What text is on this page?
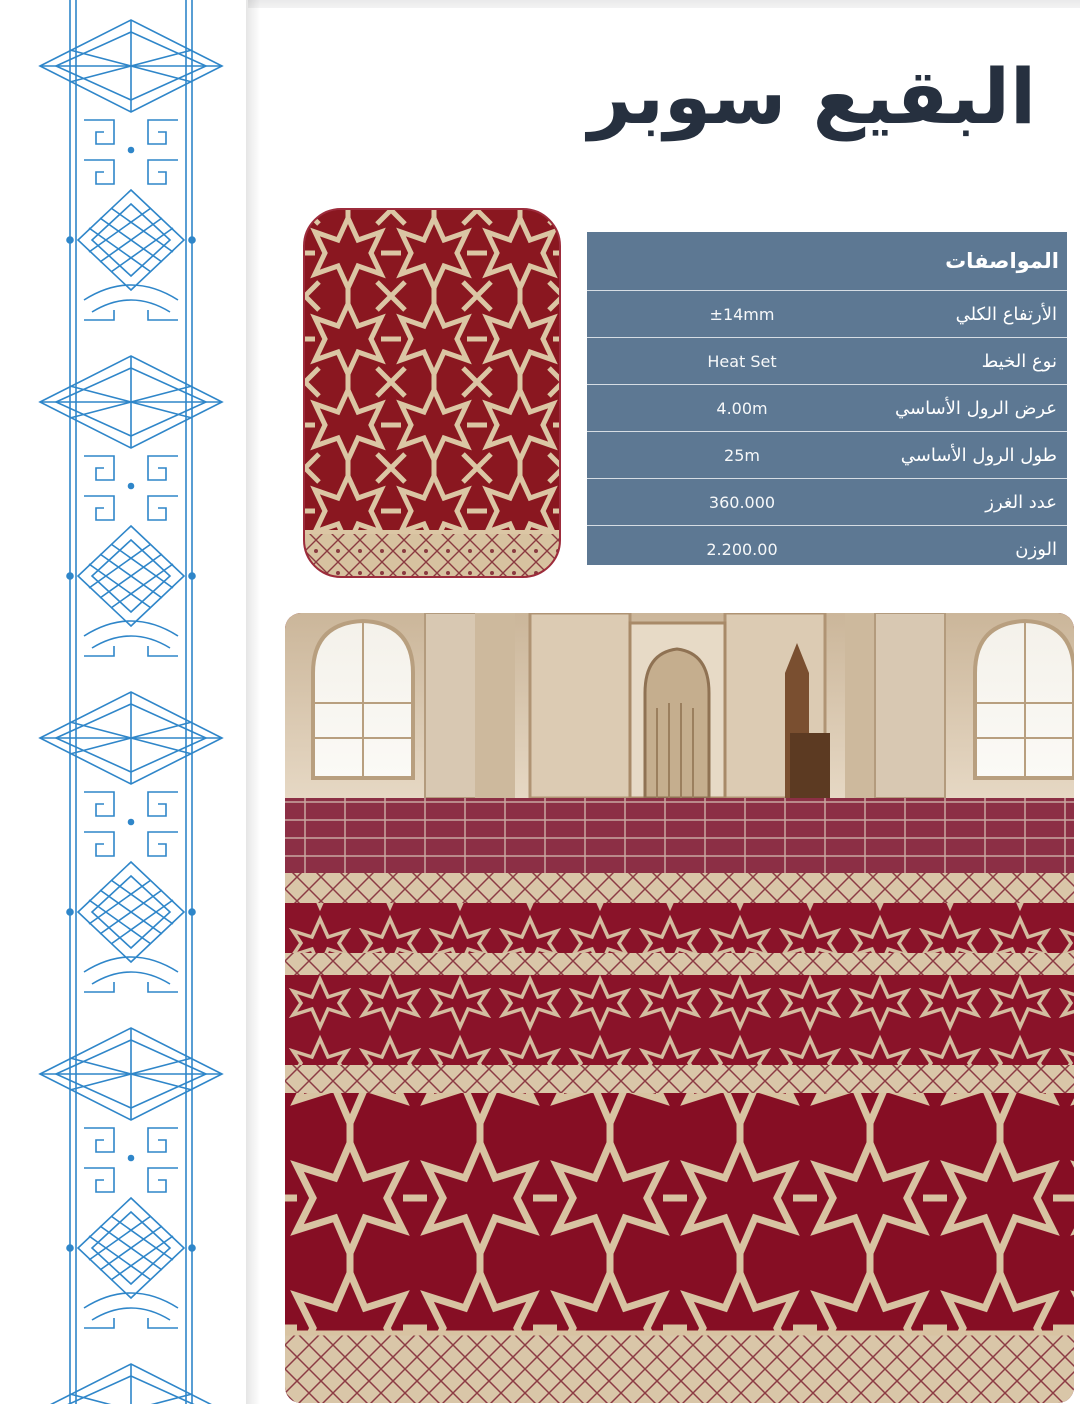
البقيع سوبر
المواصفات
الأرتفاع الكلي
±14mm
نوع الخيط
Heat Set
عرض الرول الأساسي
4.00m
طول الرول الأساسي
25m
عدد الغرز
360.000
الوزن
2.200.00
